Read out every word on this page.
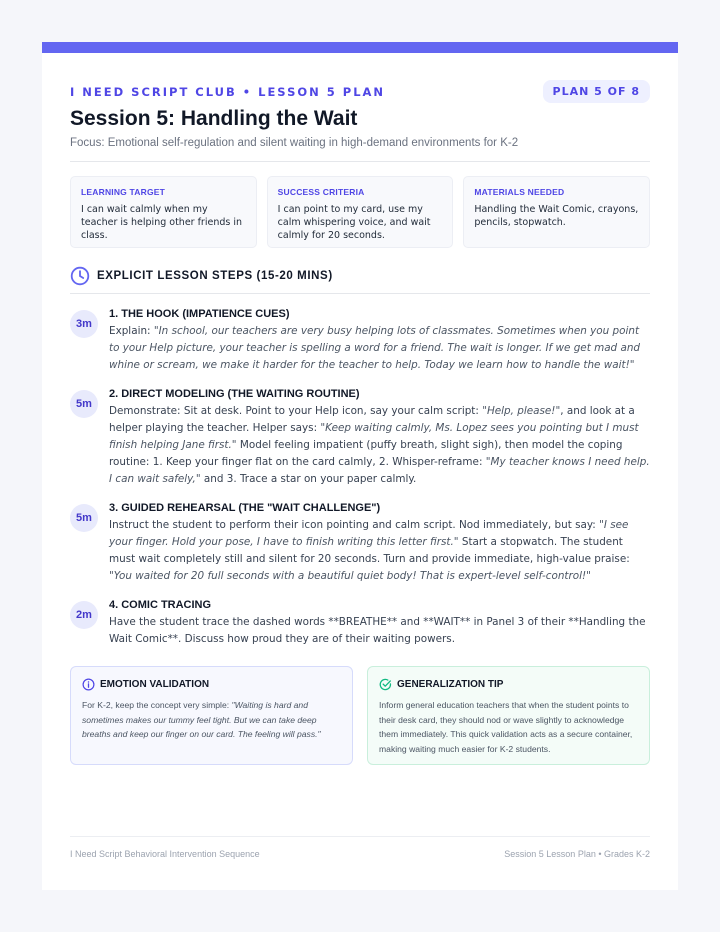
I NEED SCRIPT CLUB • LESSON 5 PLAN	PLAN 5 OF 8
Session 5: Handling the Wait
Focus: Emotional self-regulation and silent waiting in high-demand environments for K-2
LEARNING TARGET
I can wait calmly when my teacher is helping other friends in class.
SUCCESS CRITERIA
I can point to my card, use my calm whispering voice, and wait calmly for 20 seconds.
MATERIALS NEEDED
Handling the Wait Comic, crayons, pencils, stopwatch.
EXPLICIT LESSON STEPS (15-20 MINS)
3m
1. THE HOOK (IMPATIENCE CUES)
Explain: "In school, our teachers are very busy helping lots of classmates. Sometimes when you point to your Help picture, your teacher is spelling a word for a friend. The wait is longer. If we get mad and whine or scream, we make it harder for the teacher to help. Today we learn how to handle the wait!"
5m
2. DIRECT MODELING (THE WAITING ROUTINE)
Demonstrate: Sit at desk. Point to your Help icon, say your calm script: "Help, please!", and look at a helper playing the teacher. Helper says: "Keep waiting calmly, Ms. Lopez sees you pointing but I must finish helping Jane first." Model feeling impatient (puffy breath, slight sigh), then model the coping routine: 1. Keep your finger flat on the card calmly, 2. Whisper-reframe: "My teacher knows I need help. I can wait safely," and 3. Trace a star on your paper calmly.
5m
3. GUIDED REHEARSAL (THE "WAIT CHALLENGE")
Instruct the student to perform their icon pointing and calm script. Nod immediately, but say: "I see your finger. Hold your pose, I have to finish writing this letter first." Start a stopwatch. The student must wait completely still and silent for 20 seconds. Turn and provide immediate, high-value praise: "You waited for 20 full seconds with a beautiful quiet body! That is expert-level self-control!"
2m
4. COMIC TRACING
Have the student trace the dashed words **BREATHE** and **WAIT** in Panel 3 of their **Handling the Wait Comic**. Discuss how proud they are of their waiting powers.
EMOTION VALIDATION
For K-2, keep the concept very simple: "Waiting is hard and sometimes makes our tummy feel tight. But we can take deep breaths and keep our finger on our card. The feeling will pass."
GENERALIZATION TIP
Inform general education teachers that when the student points to their desk card, they should nod or wave slightly to acknowledge them immediately. This quick validation acts as a secure container, making waiting much easier for K-2 students.
I Need Script Behavioral Intervention Sequence	Session 5 Lesson Plan • Grades K-2
